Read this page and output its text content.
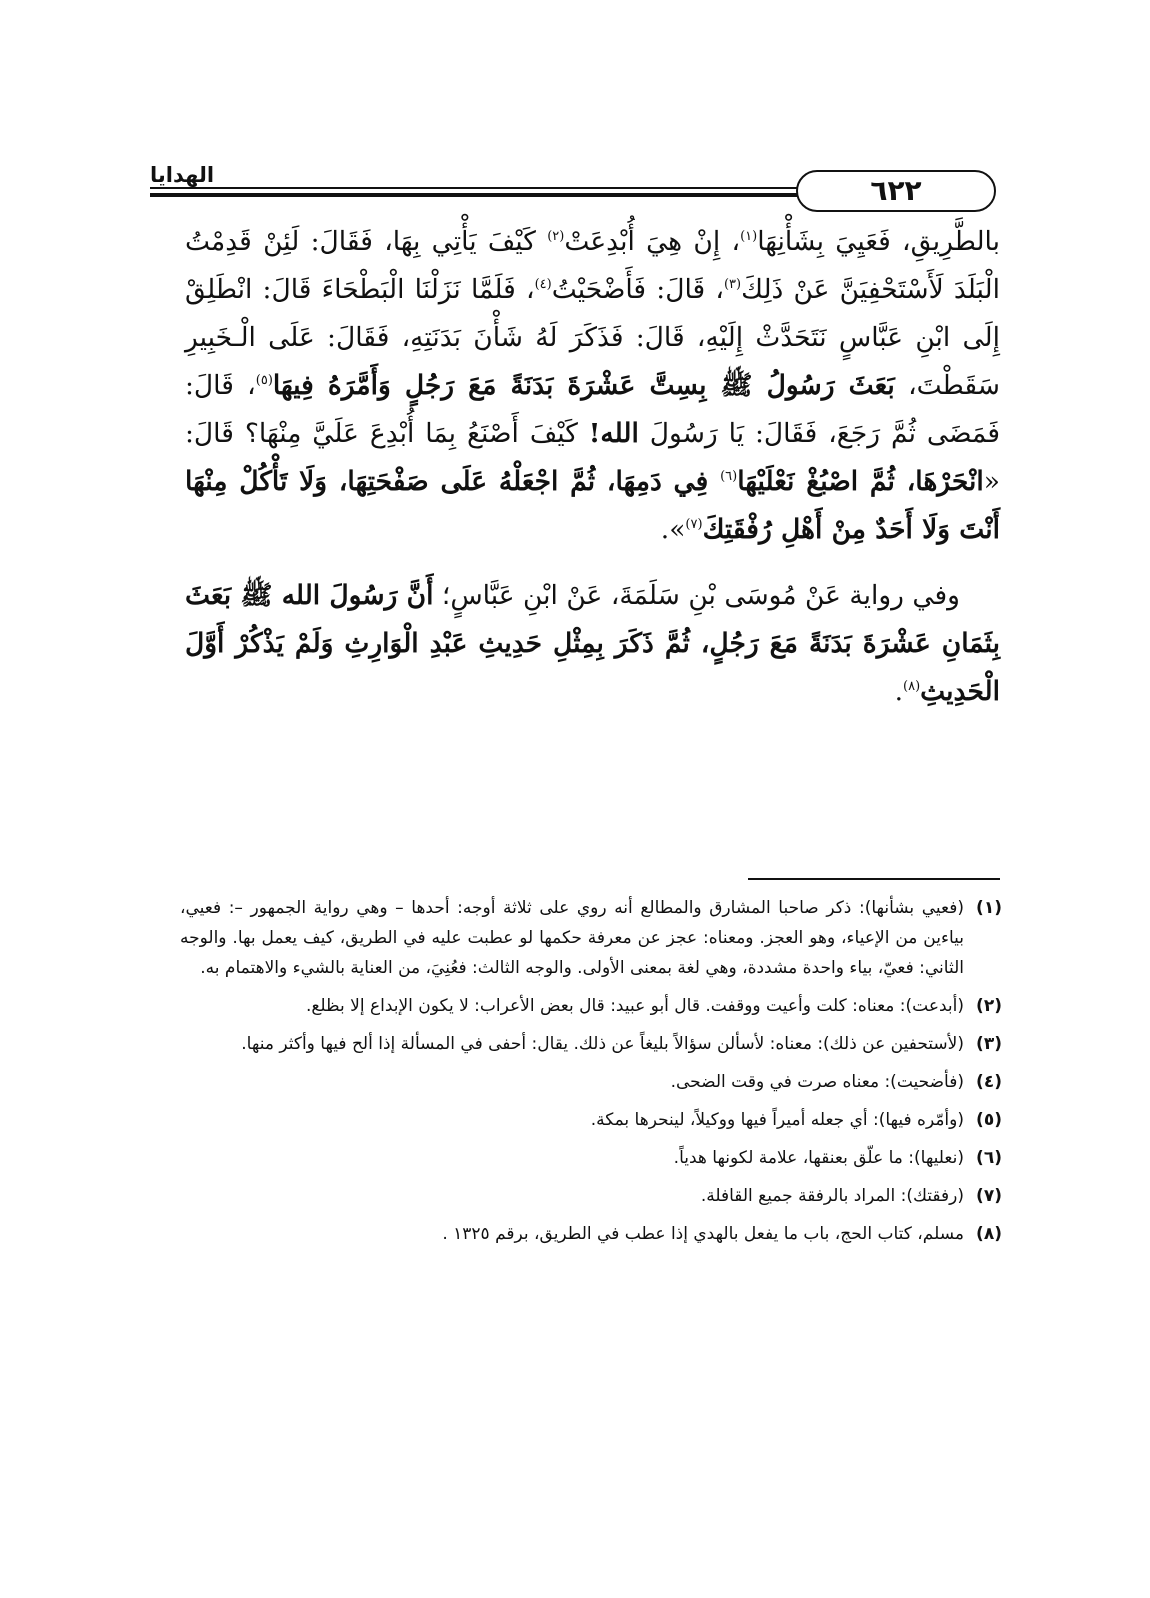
الهدايا	٦٢٢

بالطَّرِيقِ، فَعَيِيَ بِشَأْنِهَا$^{(١)}$، إِنْ هِيَ أُبْدِعَتْ$^{(٢)}$ كَيْفَ يَأْتِي بِهَا، فَقَالَ: لَئِنْ قَدِمْتُ الْبَلَدَ لَأَسْتَحْفِيَنَّ عَنْ ذَلِكَ$^{(٣)}$، قَالَ: فَأَضْحَيْتُ$^{(٤)}$، فَلَمَّا نَزَلْنَا الْبَطْحَاءَ قَالَ: انْطَلِقْ إِلَى ابْنِ عَبَّاسٍ نَتَحَدَّثْ إِلَيْهِ، قَالَ: فَذَكَرَ لَهُ شَأْنَ بَدَنَتِهِ، فَقَالَ: عَلَى الْـخَبِيرِ سَقَطْتَ، بَعَثَ رَسُولُ ﷺ بِسِتَّ عَشْرَةَ بَدَنَةً مَعَ رَجُلٍ وَأَمَّرَهُ فِيهَا$^{(٥)}$، قَالَ: فَمَضَى ثُمَّ رَجَعَ، فَقَالَ: يَا رَسُولَ الله! كَيْفَ أَصْنَعُ بِمَا أُبْدِعَ عَلَيَّ مِنْهَا؟ قَالَ: «انْحَرْهَا، ثُمَّ اصْبُغْ نَعْلَيْهَا$^{(٦)}$ فِي دَمِهَا، ثُمَّ اجْعَلْهُ عَلَى صَفْحَتِهَا، وَلَا تَأْكُلْ مِنْهَا أَنْتَ وَلَا أَحَدٌ مِنْ أَهْلِ رُفْقَتِكَ$^{(٧)}$».

وفي رواية عَنْ مُوسَى بْنِ سَلَمَةَ، عَنْ ابْنِ عَبَّاسٍ؛ أَنَّ رَسُولَ الله ﷺ بَعَثَ بِثَمَانِ عَشْرَةَ بَدَنَةً مَعَ رَجُلٍ، ثُمَّ ذَكَرَ بِمِثْلِ حَدِيثِ عَبْدِ الْوَارِثِ وَلَمْ يَذْكُرْ أَوَّلَ الْحَدِيثِ$^{(٨)}$.

(١)
(فعيي بشأنها): ذكر صاحبا المشارق والمطالع أنه روي على ثلاثة أوجه: أحدها – وهي رواية الجمهور –: فعيي، بياءين من الإعياء، وهو العجز. ومعناه: عجز عن معرفة حكمها لو عطبت عليه في الطريق، كيف يعمل بها. والوجه الثاني: فعيّ، بياء واحدة مشددة، وهي لغة بمعنى الأولى. والوجه الثالث: فعُنِيَ، من العناية بالشيء والاهتمام به.
(٢)
(أبدعت): معناه: كلت وأعيت ووقفت. قال أبو عبيد: قال بعض الأعراب: لا يكون الإبداع إلا بظلع.
(٣)
(لأستحفين عن ذلك): معناه: لأسألن سؤالاً بليغاً عن ذلك. يقال: أحفى في المسألة إذا ألح فيها وأكثر منها.
(٤)
(فأضحيت): معناه صرت في وقت الضحى.
(٥)
(وأمّره فيها): أي جعله أميراً فيها ووكيلاً، لينحرها بمكة.
(٦)
(نعليها): ما علّق بعنقها، علامة لكونها هدياً.
(٧)
(رفقتك): المراد بالرفقة جميع القافلة.
(٨)
مسلم، كتاب الحج، باب ما يفعل بالهدي إذا عطب في الطريق، برقم ١٣٢٥ .
